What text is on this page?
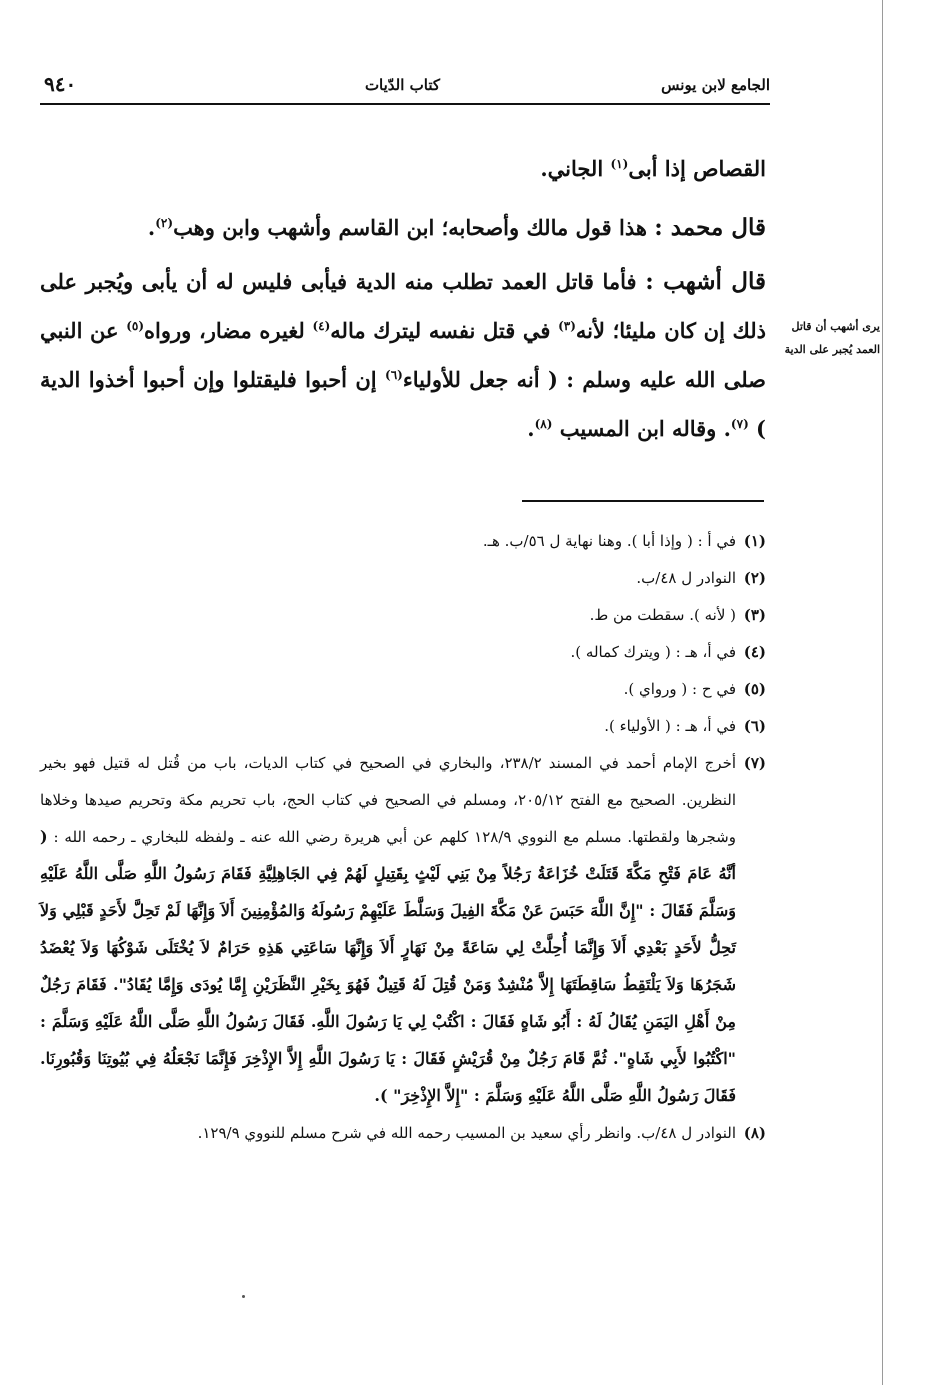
الجامع لابن يونس
كتاب الدّيات
٩٤٠

القصاص إذا أبى$^{(١)}$ الجاني.

قال محمد : هذا قول مالك وأصحابه؛ ابن القاسم وأشهب وابن وهب$^{(٢)}$.

قال أشهب : فأما قاتل العمد تطلب منه الدية فيأبى فليس له أن يأبى ويُجبر على ذلك إن كان مليئا؛ لأنه$^{(٣)}$ في قتل نفسه ليترك ماله$^{(٤)}$ لغيره مضار، ورواه$^{(٥)}$ عن النبي صلى الله عليه وسلم : ( أنه جعل للأولياء$^{(٦)}$ إن أحبوا فليقتلوا وإن أحبوا أخذوا الدية ) $^{(٧)}$. وقاله ابن المسيب $^{(٨)}$.

يرى أشهب أن قاتل
العمد يُجبر على الدية
(١)
في أ : ( وإذا أبا ). وهنا نهاية ل ٥٦/ب. هـ.
(٢)
النوادر ل ٤٨/ب.
(٣)
( لأنه ). سقطت من ط.
(٤)
في أ، هـ : ( ويترك كماله ).
(٥)
في ح : ( ورواي ).
(٦)
في أ، هـ : ( الأولياء ).
(٧)
أخرج الإمام أحمد في المسند ٢٣٨/٢، والبخاري في الصحيح في كتاب الديات، باب من قُتل له قتيل فهو بخير النظرين. الصحيح مع الفتح ٢٠٥/١٢، ومسلم في الصحيح في كتاب الحج، باب تحريم مكة وتحريم صيدها وخلاها وشجرها ولقطتها. مسلم مع النووي ١٢٨/٩ كلهم عن أبي هريرة رضي الله عنه ـ ولفظه للبخاري ـ رحمه الله : ( أنَّهُ عَامَ فَتْحِ مَكَّةَ قَتَلَتْ خُزَاعَةُ رَجُلاً مِنْ بَنِي لَيْثٍ بِقَتِيلٍ لَهُمْ فِي الجَاهِلِيَّةِ فَقَامَ رَسُولُ اللَّهِ صَلَّى اللَّهُ عَلَيْهِ وَسَلَّمَ فَقَالَ : "إِنَّ اللَّهَ حَبَسَ عَنْ مَكَّةَ الفِيلَ وَسَلَّطَ عَلَيْهِمْ رَسُولَهُ وَالمُؤْمِنِينَ أَلاَ وَإِنَّهَا لَمْ تَحِلَّ لأَحَدٍ قَبْلِي وَلاَ تَحِلُّ لأَحَدٍ بَعْدِي أَلاَ وَإِنَّمَا أُحِلَّتْ لِي سَاعَةً مِنْ نَهَارٍ أَلاَ وَإِنَّهَا سَاعَتِي هَذِهِ حَرَامٌ لاَ يُخْتَلَى شَوْكُهَا وَلاَ يُعْضَدُ شَجَرُهَا وَلاَ يَلْتَقِطُ سَاقِطَتَهَا إِلاَّ مُنْشِدٌ وَمَنْ قُتِلَ لَهُ قَتِيلٌ فَهُوَ بِخَيْرِ النَّظَرَيْنِ إِمَّا يُودَى وَإِمَّا يُقَادُ". فَقَامَ رَجُلٌ مِنْ أَهْلِ اليَمَنِ يُقَالُ لَهُ : أَبُو شَاهٍ فَقَالَ : اكْتُبْ لِي يَا رَسُولَ اللَّهِ. فَقَالَ رَسُولُ اللَّهِ صَلَّى اللَّهُ عَلَيْهِ وَسَلَّمَ : "اكْتُبُوا لأَبِي شَاهٍ". ثُمَّ قَامَ رَجُلٌ مِنْ قُرَيْشٍ فَقَالَ : يَا رَسُولَ اللَّهِ إِلاَّ الإِذْخِرَ فَإِنَّمَا نَجْعَلُهُ فِي بُيُوتِنَا وَقُبُورِنَا. فَقَالَ رَسُولُ اللَّهِ صَلَّى اللَّهُ عَلَيْهِ وَسَلَّمَ : "إِلاَّ الإِذْخِرَ" ).
(٨)
النوادر ل ٤٨/ب. وانظر رأي سعيد بن المسيب رحمه الله في شرح مسلم للنووي ١٢٩/٩.
